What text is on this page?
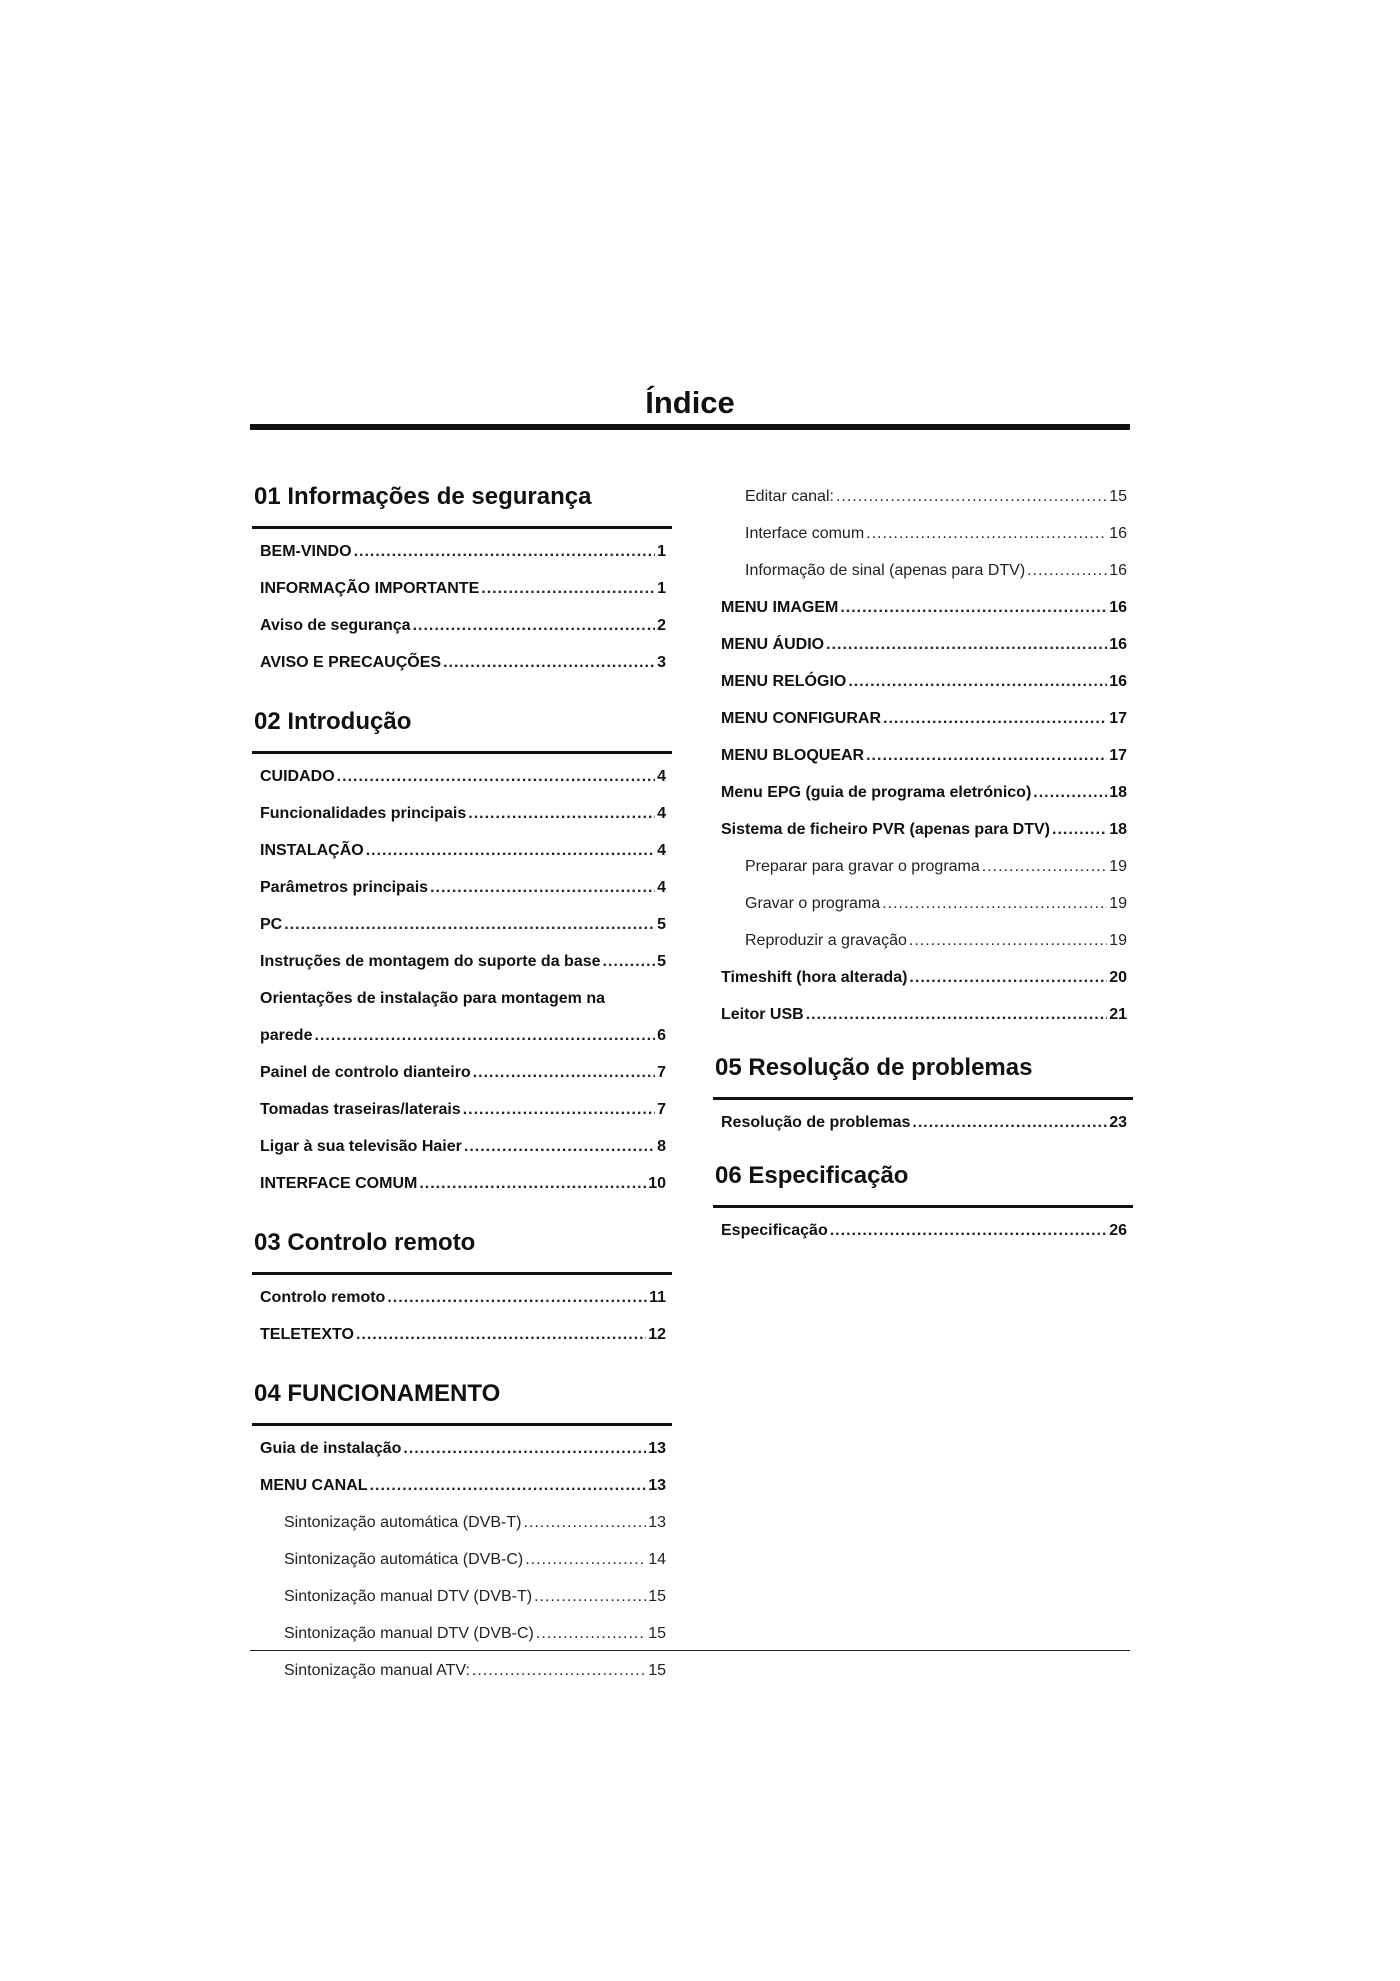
Índice
01 Informações de segurança
BEM-VINDO .....	1
INFORMAÇÃO IMPORTANTE .....	1
Aviso de segurança .....	2
AVISO E PRECAUÇÕES .....	3
02 Introdução
CUIDADO .....	4
Funcionalidades principais .....	4
INSTALAÇÃO .....	4
Parâmetros principais .....	4
PC .....	5
Instruções de montagem do suporte da base .....	5
Orientações de instalação para montagem na
parede .....	6
Painel de controlo dianteiro .....	7
Tomadas traseiras/laterais .....	7
Ligar à sua televisão Haier .....	8
INTERFACE COMUM .....	10
03 Controlo remoto
Controlo remoto .....	11
TELETEXTO .....	12
04 FUNCIONAMENTO
Guia de instalação .....	13
MENU CANAL .....	13
Sintonização automática (DVB-T) .....	13
Sintonização automática (DVB-C) .....	14
Sintonização manual DTV (DVB-T) .....	15
Sintonização manual DTV (DVB-C) .....	15
Sintonização manual ATV: .....	15
Editar canal: .....	15
Interface comum .....	16
Informação de sinal (apenas para DTV) .....	16
MENU IMAGEM .....	16
MENU ÁUDIO .....	16
MENU RELÓGIO .....	16
MENU CONFIGURAR .....	17
MENU BLOQUEAR .....	17
Menu EPG (guia de programa eletrónico) .....	18
Sistema de ficheiro PVR (apenas para DTV) .....	18
Preparar para gravar o programa .....	19
Gravar o programa .....	19
Reproduzir a gravação .....	19
Timeshift (hora alterada) .....	20
Leitor USB .....	21
05 Resolução de problemas
Resolução de problemas .....	23
06 Especificação
Especificação .....	26
